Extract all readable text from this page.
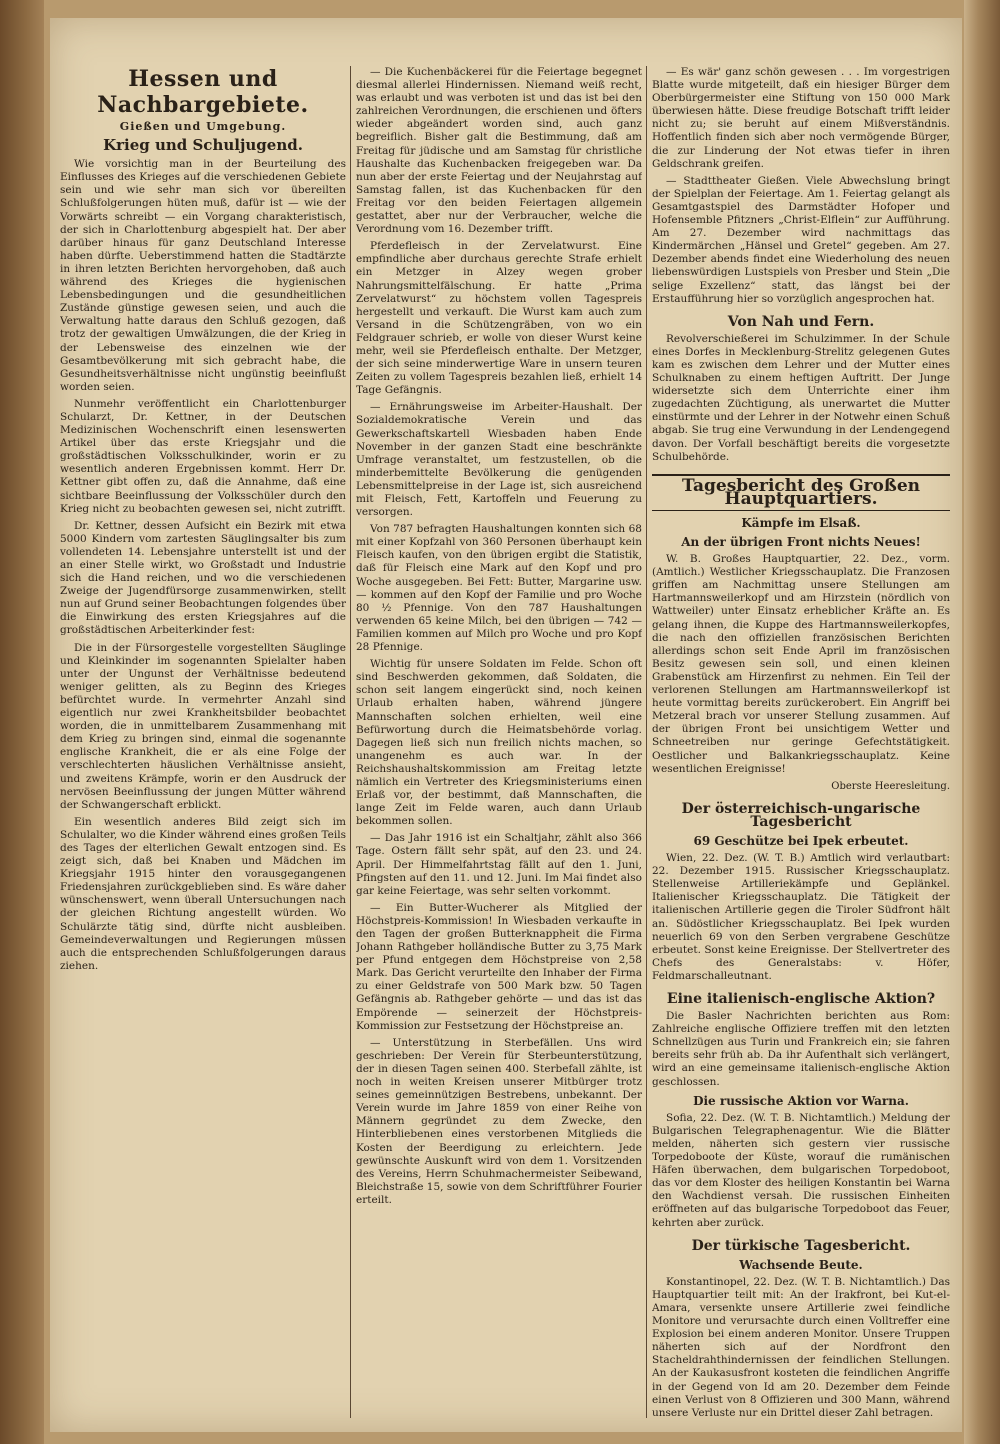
Hessen und Nachbargebiete.
Gießen und Umgebung.
Krieg und Schuljugend.

Wie vorsichtig man in der Beurteilung des Einflusses des Krieges auf die verschiedenen Gebiete sein und wie sehr man sich vor übereilten Schlußfolgerungen hüten muß, dafür ist — wie der Vorwärts schreibt — ein Vorgang charakteristisch, der sich in Charlottenburg abgespielt hat. Der aber darüber hinaus für ganz Deutschland Interesse haben dürfte. Ueberstimmend hatten die Stadtärzte in ihren letzten Berichten hervorgehoben, daß auch während des Krieges die hygienischen Lebensbedingungen und die gesundheitlichen Zustände günstige gewesen seien, und auch die Verwaltung hatte daraus den Schluß gezogen, daß trotz der gewaltigen Umwälzungen, die der Krieg in der Lebensweise des einzelnen wie der Gesamtbevölkerung mit sich gebracht habe, die Gesundheitsverhältnisse nicht ungünstig beeinflußt worden seien.

Nunmehr veröffentlicht ein Charlottenburger Schularzt, Dr. Kettner, in der Deutschen Medizinischen Wochenschrift einen lesenswerten Artikel über das erste Kriegsjahr und die großstädtischen Volksschulkinder, worin er zu wesentlich anderen Ergebnissen kommt. Herr Dr. Kettner gibt offen zu, daß die Annahme, daß eine sichtbare Beeinflussung der Volksschüler durch den Krieg nicht zu beobachten gewesen sei, nicht zutrifft.

Dr. Kettner, dessen Aufsicht ein Bezirk mit etwa 5000 Kindern vom zartesten Säuglingsalter bis zum vollendeten 14. Lebensjahre unterstellt ist und der an einer Stelle wirkt, wo Großstadt und Industrie sich die Hand reichen, und wo die verschiedenen Zweige der Jugendfürsorge zusammenwirken, stellt nun auf Grund seiner Beobachtungen folgendes über die Einwirkung des ersten Kriegsjahres auf die großstädtischen Arbeiterkinder fest:

Die in der Fürsorgestelle vorgestellten Säuglinge und Kleinkinder im sogenannten Spielalter haben unter der Ungunst der Verhältnisse bedeutend weniger gelitten, als zu Beginn des Krieges befürchtet wurde. In vermehrter Anzahl sind eigentlich nur zwei Krankheitsbilder beobachtet worden, die in unmittelbarem Zusammenhang mit dem Krieg zu bringen sind, einmal die sogenannte englische Krankheit, die er als eine Folge der verschlechterten häuslichen Verhältnisse ansieht, und zweitens Krämpfe, worin er den Ausdruck der nervösen Beeinflussung der jungen Mütter während der Schwangerschaft erblickt.

Ein wesentlich anderes Bild zeigt sich im Schulalter, wo die Kinder während eines großen Teils des Tages der elterlichen Gewalt entzogen sind. Es zeigt sich, daß bei Knaben und Mädchen im Kriegsjahr 1915 hinter den vorausgegangenen Friedensjahren zurückgeblieben sind. Es wäre daher wünschenswert, wenn überall Untersuchungen nach der gleichen Richtung angestellt würden. Wo Schulärzte tätig sind, dürfte nicht ausbleiben. Gemeindeverwaltungen und Regierungen müssen auch die entsprechenden Schlußfolgerungen daraus ziehen.

— Die Kuchenbäckerei für die Feiertage begegnet diesmal allerlei Hindernissen. Niemand weiß recht, was erlaubt und was verboten ist und das ist bei den zahlreichen Verordnungen, die erschienen und öfters wieder abgeändert worden sind, auch ganz begreiflich. Bisher galt die Bestimmung, daß am Freitag für jüdische und am Samstag für christliche Haushalte das Kuchenbacken freigegeben war. Da nun aber der erste Feiertag und der Neujahrstag auf Samstag fallen, ist das Kuchenbacken für den Freitag vor den beiden Feiertagen allgemein gestattet, aber nur der Verbraucher, welche die Verordnung vom 16. Dezember trifft.

Pferdefleisch in der Zervelatwurst. Eine empfindliche aber durchaus gerechte Strafe erhielt ein Metzger in Alzey wegen grober Nahrungsmittelfälschung. Er hatte „Prima Zervelatwurst“ zu höchstem vollen Tagespreis hergestellt und verkauft. Die Wurst kam auch zum Versand in die Schützengräben, von wo ein Feldgrauer schrieb, er wolle von dieser Wurst keine mehr, weil sie Pferdefleisch enthalte. Der Metzger, der sich seine minderwertige Ware in unsern teuren Zeiten zu vollem Tagespreis bezahlen ließ, erhielt 14 Tage Gefängnis.

— Ernährungsweise im Arbeiter-Haushalt. Der Sozialdemokratische Verein und das Gewerkschaftskartell Wiesbaden haben Ende November in der ganzen Stadt eine beschränkte Umfrage veranstaltet, um festzustellen, ob die minderbemittelte Bevölkerung die genügenden Lebensmittelpreise in der Lage ist, sich ausreichend mit Fleisch, Fett, Kartoffeln und Feuerung zu versorgen.

Von 787 befragten Haushaltungen konnten sich 68 mit einer Kopfzahl von 360 Personen überhaupt kein Fleisch kaufen, von den übrigen ergibt die Statistik, daß für Fleisch eine Mark auf den Kopf und pro Woche ausgegeben. Bei Fett: Butter, Margarine usw. — kommen auf den Kopf der Familie und pro Woche 80 ½ Pfennige. Von den 787 Haushaltungen verwenden 65 keine Milch, bei den übrigen — 742 — Familien kommen auf Milch pro Woche und pro Kopf 28 Pfennige.

Wichtig für unsere Soldaten im Felde. Schon oft sind Beschwerden gekommen, daß Soldaten, die schon seit langem eingerückt sind, noch keinen Urlaub erhalten haben, während jüngere Mannschaften solchen erhielten, weil eine Befürwortung durch die Heimatsbehörde vorlag. Dagegen ließ sich nun freilich nichts machen, so unangenehm es auch war. In der Reichshaushaltskommission am Freitag letzte nämlich ein Vertreter des Kriegsministeriums einen Erlaß vor, der bestimmt, daß Mannschaften, die lange Zeit im Felde waren, auch dann Urlaub bekommen sollen.

— Das Jahr 1916 ist ein Schaltjahr, zählt also 366 Tage. Ostern fällt sehr spät, auf den 23. und 24. April. Der Himmelfahrtstag fällt auf den 1. Juni, Pfingsten auf den 11. und 12. Juni. Im Mai findet also gar keine Feiertage, was sehr selten vorkommt.

— Ein Butter-Wucherer als Mitglied der Höchstpreis-Kommission! In Wiesbaden verkaufte in den Tagen der großen Butterknappheit die Firma Johann Rathgeber holländische Butter zu 3,75 Mark per Pfund entgegen dem Höchstpreise von 2,58 Mark. Das Gericht verurteilte den Inhaber der Firma zu einer Geldstrafe von 500 Mark bzw. 50 Tagen Gefängnis ab. Rathgeber gehörte — und das ist das Empörende — seinerzeit der Höchstpreis-Kommission zur Festsetzung der Höchstpreise an.

— Unterstützung in Sterbefällen. Uns wird geschrieben: Der Verein für Sterbeunterstützung, der in diesen Tagen seinen 400. Sterbefall zählte, ist noch in weiten Kreisen unserer Mitbürger trotz seines gemeinnützigen Bestrebens, unbekannt. Der Verein wurde im Jahre 1859 von einer Reihe von Männern gegründet zu dem Zwecke, den Hinterbliebenen eines verstorbenen Mitglieds die Kosten der Beerdigung zu erleichtern. Jede gewünschte Auskunft wird von dem 1. Vorsitzenden des Vereins, Herrn Schuhmachermeister Seibewand, Bleichstraße 15, sowie von dem Schriftführer Fourier erteilt.

— Es wär' ganz schön gewesen . . . Im vorgestrigen Blatte wurde mitgeteilt, daß ein hiesiger Bürger dem Oberbürgermeister eine Stiftung von 150 000 Mark überwiesen hätte. Diese freudige Botschaft trifft leider nicht zu; sie beruht auf einem Mißverständnis. Hoffentlich finden sich aber noch vermögende Bürger, die zur Linderung der Not etwas tiefer in ihren Geldschrank greifen.

— Stadttheater Gießen. Viele Abwechslung bringt der Spielplan der Feiertage. Am 1. Feiertag gelangt als Gesamtgastspiel des Darmstädter Hofoper und Hofensemble Pfitzners „Christ-Elflein“ zur Aufführung. Am 27. Dezember wird nachmittags das Kindermärchen „Hänsel und Gretel“ gegeben. Am 27. Dezember abends findet eine Wiederholung des neuen liebenswürdigen Lustspiels von Presber und Stein „Die selige Exzellenz“ statt, das längst bei der Erstaufführung hier so vorzüglich angesprochen hat.

Von Nah und Fern.

Revolverschießerei im Schulzimmer. In der Schule eines Dorfes in Mecklenburg-Strelitz gelegenen Gutes kam es zwischen dem Lehrer und der Mutter eines Schulknaben zu einem heftigen Auftritt. Der Junge widersetzte sich dem Unterrichte einer ihm zugedachten Züchtigung, als unerwartet die Mutter einstürmte und der Lehrer in der Notwehr einen Schuß abgab. Sie trug eine Verwundung in der Lendengegend davon. Der Vorfall beschäftigt bereits die vorgesetzte Schulbehörde.

Tagesbericht des Großen Hauptquartiers.
Kämpfe im Elsaß.
An der übrigen Front nichts Neues!

W. B. Großes Hauptquartier, 22. Dez., vorm. (Amtlich.) Westlicher Kriegsschauplatz. Die Franzosen griffen am Nachmittag unsere Stellungen am Hartmannsweilerkopf und am Hirzstein (nördlich von Wattweiler) unter Einsatz erheblicher Kräfte an. Es gelang ihnen, die Kuppe des Hartmannsweilerkopfes, die nach den offiziellen französischen Berichten allerdings schon seit Ende April im französischen Besitz gewesen sein soll, und einen kleinen Grabenstück am Hirzenfirst zu nehmen. Ein Teil der verlorenen Stellungen am Hartmannsweilerkopf ist heute vormittag bereits zurückerobert. Ein Angriff bei Metzeral brach vor unserer Stellung zusammen. Auf der übrigen Front bei unsichtigem Wetter und Schneetreiben nur geringe Gefechtstätigkeit. Oestlicher und Balkankriegsschauplatz. Keine wesentlichen Ereignisse!

Oberste Heeresleitung.
Der österreichisch-ungarische Tagesbericht
69 Geschütze bei Ipek erbeutet.

Wien, 22. Dez. (W. T. B.) Amtlich wird verlautbart: 22. Dezember 1915. Russischer Kriegsschauplatz. Stellenweise Artilleriekämpfe und Geplänkel. Italienischer Kriegsschauplatz. Die Tätigkeit der italienischen Artillerie gegen die Tiroler Südfront hält an. Südöstlicher Kriegsschauplatz. Bei Ipek wurden neuerlich 69 von den Serben vergrabene Geschütze erbeutet. Sonst keine Ereignisse. Der Stellvertreter des Chefs des Generalstabs: v. Höfer, Feldmarschalleutnant.

Eine italienisch-englische Aktion?

Die Basler Nachrichten berichten aus Rom: Zahlreiche englische Offiziere treffen mit den letzten Schnellzügen aus Turin und Frankreich ein; sie fahren bereits sehr früh ab. Da ihr Aufenthalt sich verlängert, wird an eine gemeinsame italienisch-englische Aktion geschlossen.

Die russische Aktion vor Warna.

Sofia, 22. Dez. (W. T. B. Nichtamtlich.) Meldung der Bulgarischen Telegraphenagentur. Wie die Blätter melden, näherten sich gestern vier russische Torpedoboote der Küste, worauf die rumänischen Häfen überwachen, dem bulgarischen Torpedoboot, das vor dem Kloster des heiligen Konstantin bei Warna den Wachdienst versah. Die russischen Einheiten eröffneten auf das bulgarische Torpedoboot das Feuer, kehrten aber zurück.

Der türkische Tagesbericht.
Wachsende Beute.

Konstantinopel, 22. Dez. (W. T. B. Nichtamtlich.) Das Hauptquartier teilt mit: An der Irakfront, bei Kut-el-Amara, versenkte unsere Artillerie zwei feindliche Monitore und verursachte durch einen Volltreffer eine Explosion bei einem anderen Monitor. Unsere Truppen näherten sich auf der Nordfront den Stacheldrahthindernissen der feindlichen Stellungen. An der Kaukasusfront kosteten die feindlichen Angriffe in der Gegend von Id am 20. Dezember dem Feinde einen Verlust von 8 Offizieren und 300 Mann, während unsere Verluste nur ein Drittel dieser Zahl betragen.
